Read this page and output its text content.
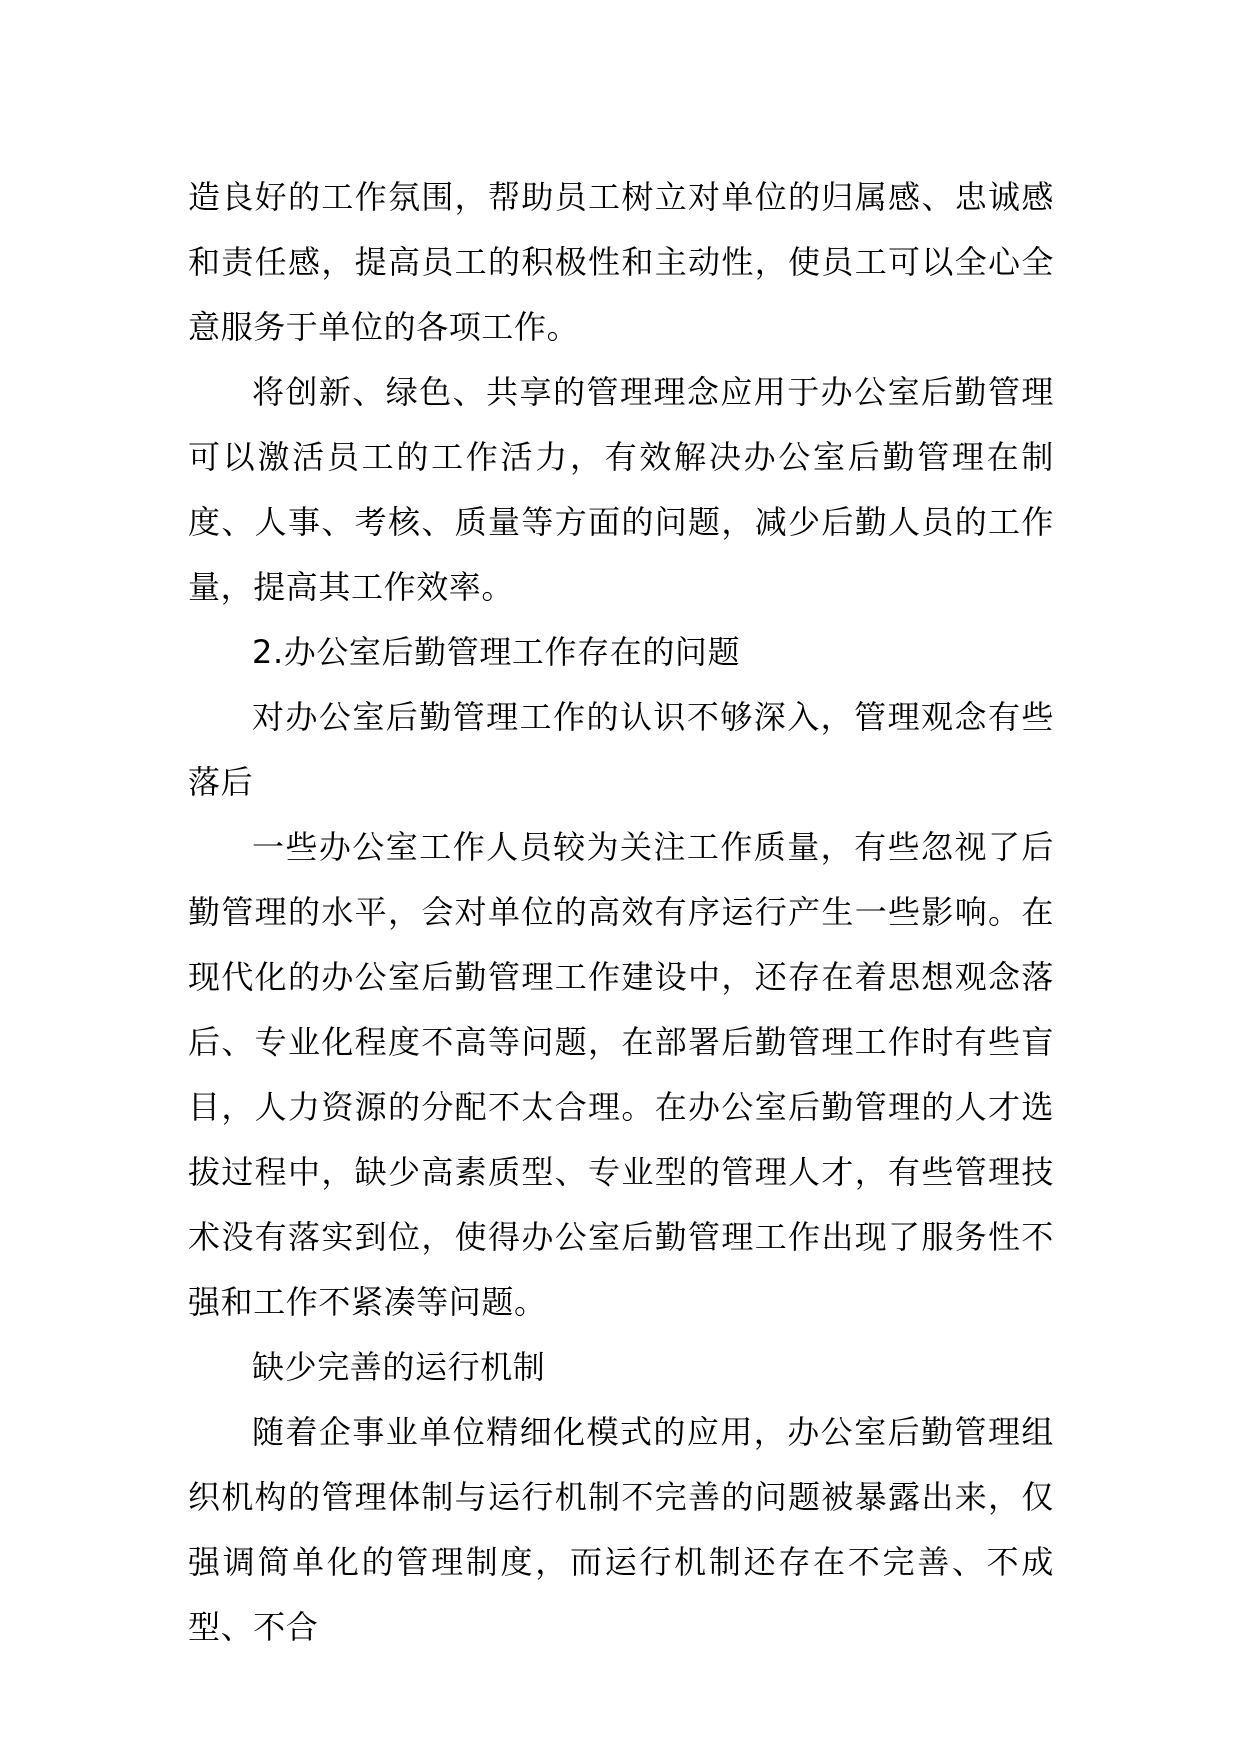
造良好的工作氛围，帮助员工树立对单位的归属感、忠诚感和责任感，提高员工的积极性和主动性，使员工可以全心全意服务于单位的各项工作。

将创新、绿色、共享的管理理念应用于办公室后勤管理可以激活员工的工作活力，有效解决办公室后勤管理在制度、人事、考核、质量等方面的问题，减少后勤人员的工作量，提高其工作效率。

2.办公室后勤管理工作存在的问题

对办公室后勤管理工作的认识不够深入，管理观念有些落后

一些办公室工作人员较为关注工作质量，有些忽视了后勤管理的水平，会对单位的高效有序运行产生一些影响。在现代化的办公室后勤管理工作建设中，还存在着思想观念落后、专业化程度不高等问题，在部署后勤管理工作时有些盲目，人力资源的分配不太合理。在办公室后勤管理的人才选拔过程中，缺少高素质型、专业型的管理人才，有些管理技术没有落实到位，使得办公室后勤管理工作出现了服务性不强和工作不紧凑等问题。

缺少完善的运行机制

随着企事业单位精细化模式的应用，办公室后勤管理组织机构的管理体制与运行机制不完善的问题被暴露出来，仅强调简单化的管理制度，而运行机制还存在不完善、不成型、不合
